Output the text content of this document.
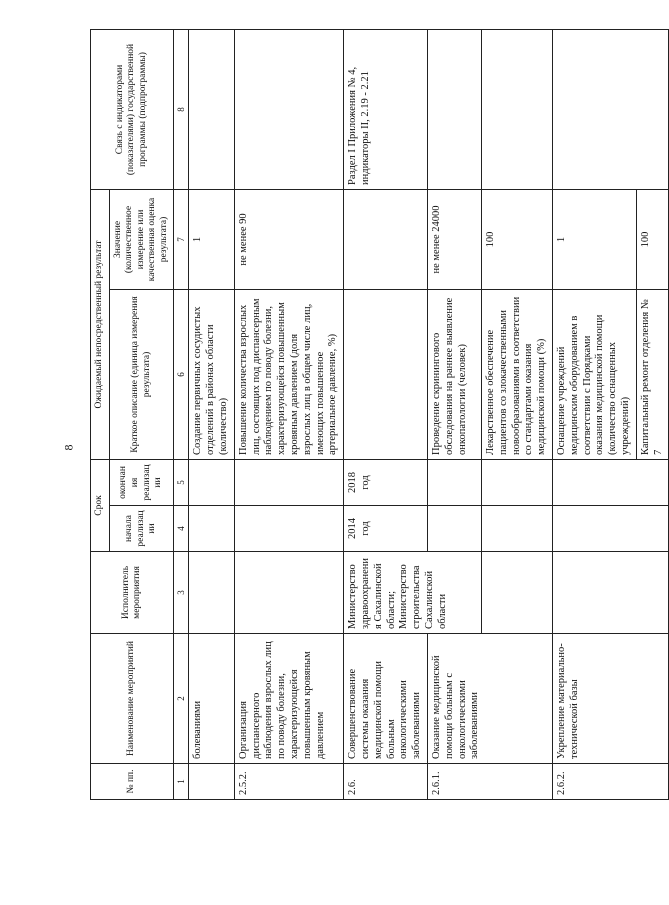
8
№ пп.	Наименование мероприятий	Исполнитель мероприятия	Срок		Ожидаемый непосредственный результат		Связь с индикаторами (показателями) государственной программы (подпрограммы)
			начала реализации	окончания реализации	Краткое описание (единица измерения результата)	Значение (количественное измерение или качественная оценка результата)	
1	2	3	4	5	6	7	8
	болеваниями				Создание первичных сосудистых отделений в районах области (количество)	1	
2.5.2.	Организация диспансерного наблюдения взрослых лиц по поводу болезни, характеризующейся повышенным кровяным давлением				Повышение количества взрослых лиц, состоящих под диспансерным наблюдением по поводу болезни, характеризующейся повышенным кровяным давлением (доля взрослых лиц в общем числе лиц, имеющих повышенное артериальное давление, %)	не менее 90	
2.6.	Совершенствование системы оказания медицинской помощи больным онкологическими заболеваниями	Министерство здравоохранения Сахалинской области; Министерство строительства Сахалинской области	2014 год	2018 год			Раздел I Приложения № 4, индикаторы II, 2.19 - 2.21
2.6.1.	Оказание медицинской помощи больным с онкологическими заболеваниями				Проведение скринингового обследования на раннее выявление онкопатологии (человек)	не менее 24000	
					Лекарственное обеспечение пациентов со злокачественными новообразованиями в соответствии со стандартами оказания медицинской помощи (%)	100	
2.6.2.	Укрепление материально-технической базы				Оснащение учреждений медицинским оборудованием в соответствии с Порядками оказания медицинской помощи (количество оснащенных учреждений)	1	
					Капитальный ремонт отделения № 7	100	
